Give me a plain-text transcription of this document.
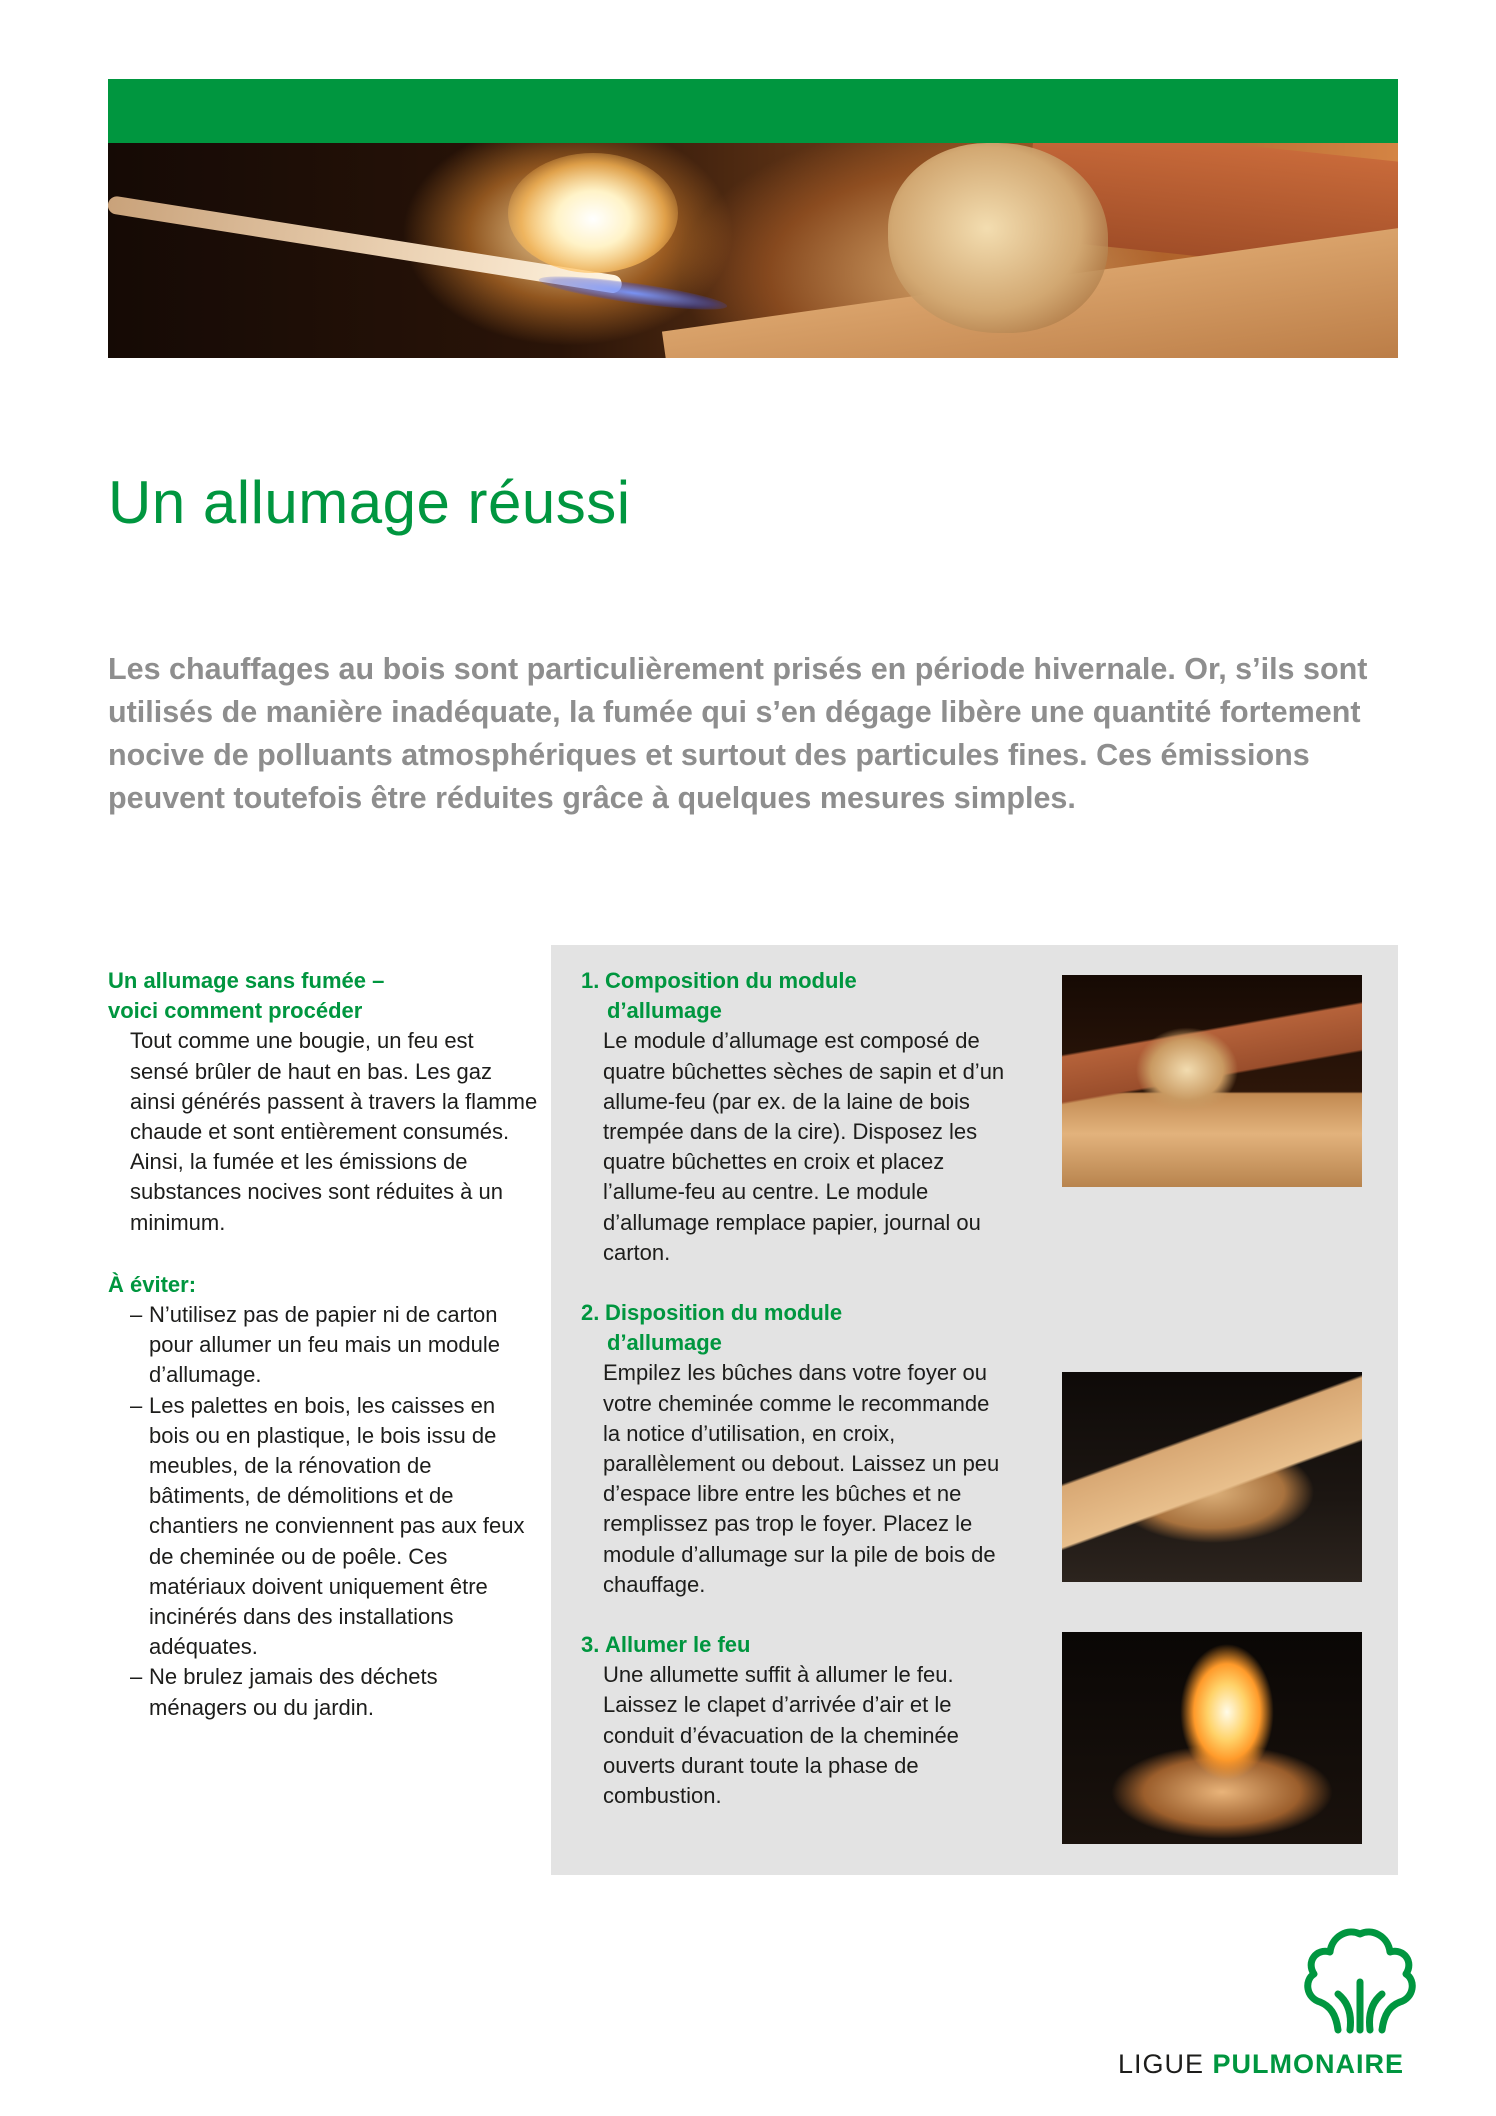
Un allumage réussi

Les chauffages au bois sont particulièrement prisés en période hivernale. Or, s’ils sont utilisés de manière inadéquate, la fumée qui s’en dégage libère une quantité fortement nocive de polluants atmosphériques et surtout des particules fines. Ces émissions peuvent toutefois être réduites grâce à quelques mesures simples.

Un allumage sans fumée –

voici comment procéder

Tout comme une bougie, un feu est sensé brûler de haut en bas. Les gaz ainsi générés passent à travers la flamme chaude et sont entièrement consumés. Ainsi, la fumée et les émissions de substances nocives sont réduites à un minimum.

À éviter:

– N’utilisez pas de papier ni de carton pour allumer un feu mais un module d’allumage.
– Les palettes en bois, les caisses en bois ou en plastique, le bois issu de meubles, de la rénovation de bâtiments, de démolitions et de chantiers ne conviennent pas aux feux de cheminée ou de poêle. Ces matériaux doivent uniquement être incinérés dans des installations adéquates.
– Ne brulez jamais des déchets ménagers ou du jardin.

1. Composition du module
d’allumage

Le module d’allumage est composé de quatre bûchettes sèches de sapin et d’un allume-feu (par ex. de la laine de bois trempée dans de la cire). Disposez les quatre bûchettes en croix et placez l’allume-feu au centre. Le module d’allumage remplace papier, journal ou carton.

2. Disposition du module
d’allumage

Empilez les bûches dans votre foyer ou votre cheminée comme le recommande la notice d’utilisation, en croix, parallèlement ou debout. Laissez un peu d’espace libre entre les bûches et ne remplissez pas trop le foyer. Placez le module d’allumage sur la pile de bois de chauffage.

3. Allumer le feu

Une allumette suffit à allumer le feu. Laissez le clapet d’arrivée d’air et le conduit d’évacuation de la cheminée ouverts durant toute la phase de combustion.

LIGUE PULMONAIRE
